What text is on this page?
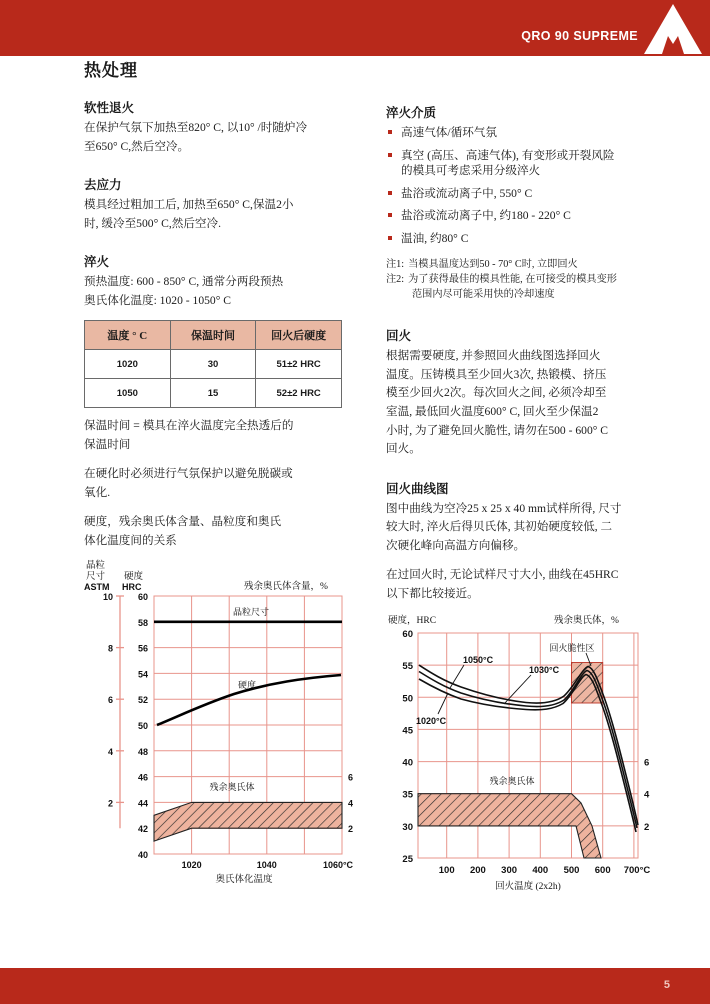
QRO 90 SUPREME
热处理
软性退火

在保护气氛下加热至820° C, 以10° /时随炉冷

至650° C,然后空冷。

去应力

模具经过粗加工后, 加热至650° C,保温2小

时, 缓冷至500° C,然后空冷.

淬火

预热温度: 600 - 850° C, 通常分两段预热

奥氏体化温度: 1020 - 1050° C

温度 ° C	保温时间	回火后硬度
1020	30	51±2 HRC
1050	15	52±2 HRC

保温时间 = 模具在淬火温度完全热透后的

保温时间

在硬化时必须进行气氛保护以避免脱碳或

氧化.

硬度，残余奥氏体含量、晶粒度和奥氏

体化温度间的关系

晶粒
尺寸
ASTM
硬度
HRC	残余奥氏体含量，%
10
8
6
4
2
60
58
56
54
52
50
48
46
44
42
40
6
4
2
晶粒尺寸
硬度
残余奥氏体
1020	1040	1060°C
奥氏体化温度
淬火介质
高速气体/循环气氛
真空 (高压、高速气体), 有变形或开裂风险
的模具可考虑采用分级淬火
盐浴或流动离子中, 550° C
盐浴或流动离子中, 约180 - 220° C
温油, 约80° C
注1: 当模具温度达到50 - 70° C时, 立即回火
注2: 为了获得最佳的模具性能, 在可接受的模具变形
范围内尽可能采用快的冷却速度
回火

根据需要硬度, 并参照回火曲线图选择回火

温度。压铸模具至少回火3次, 热锻模、挤压

模至少回火2次。每次回火之间, 必须冷却至

室温, 最低回火温度600° C, 回火至少保温2

小时, 为了避免回火脆性, 请勿在500 - 600° C

回火。

回火曲线图

图中曲线为空冷25 x 25 x 40 mm试样所得, 尺寸

较大时, 淬火后得贝氏体, 其初始硬度较低, 二

次硬化峰向高温方向偏移。

在过回火时, 无论试样尺寸大小, 曲线在45HRC

以下都比较接近。

硬度，HRC	残余奥氏体，%
60
55
50
45
40
35
30
25
6
4
2
1050°C
1030°C
1020°C
回火脆性区
残余奥氏体
100 200 300 400 500 600 700°C
回火温度 (2x2h)
5
